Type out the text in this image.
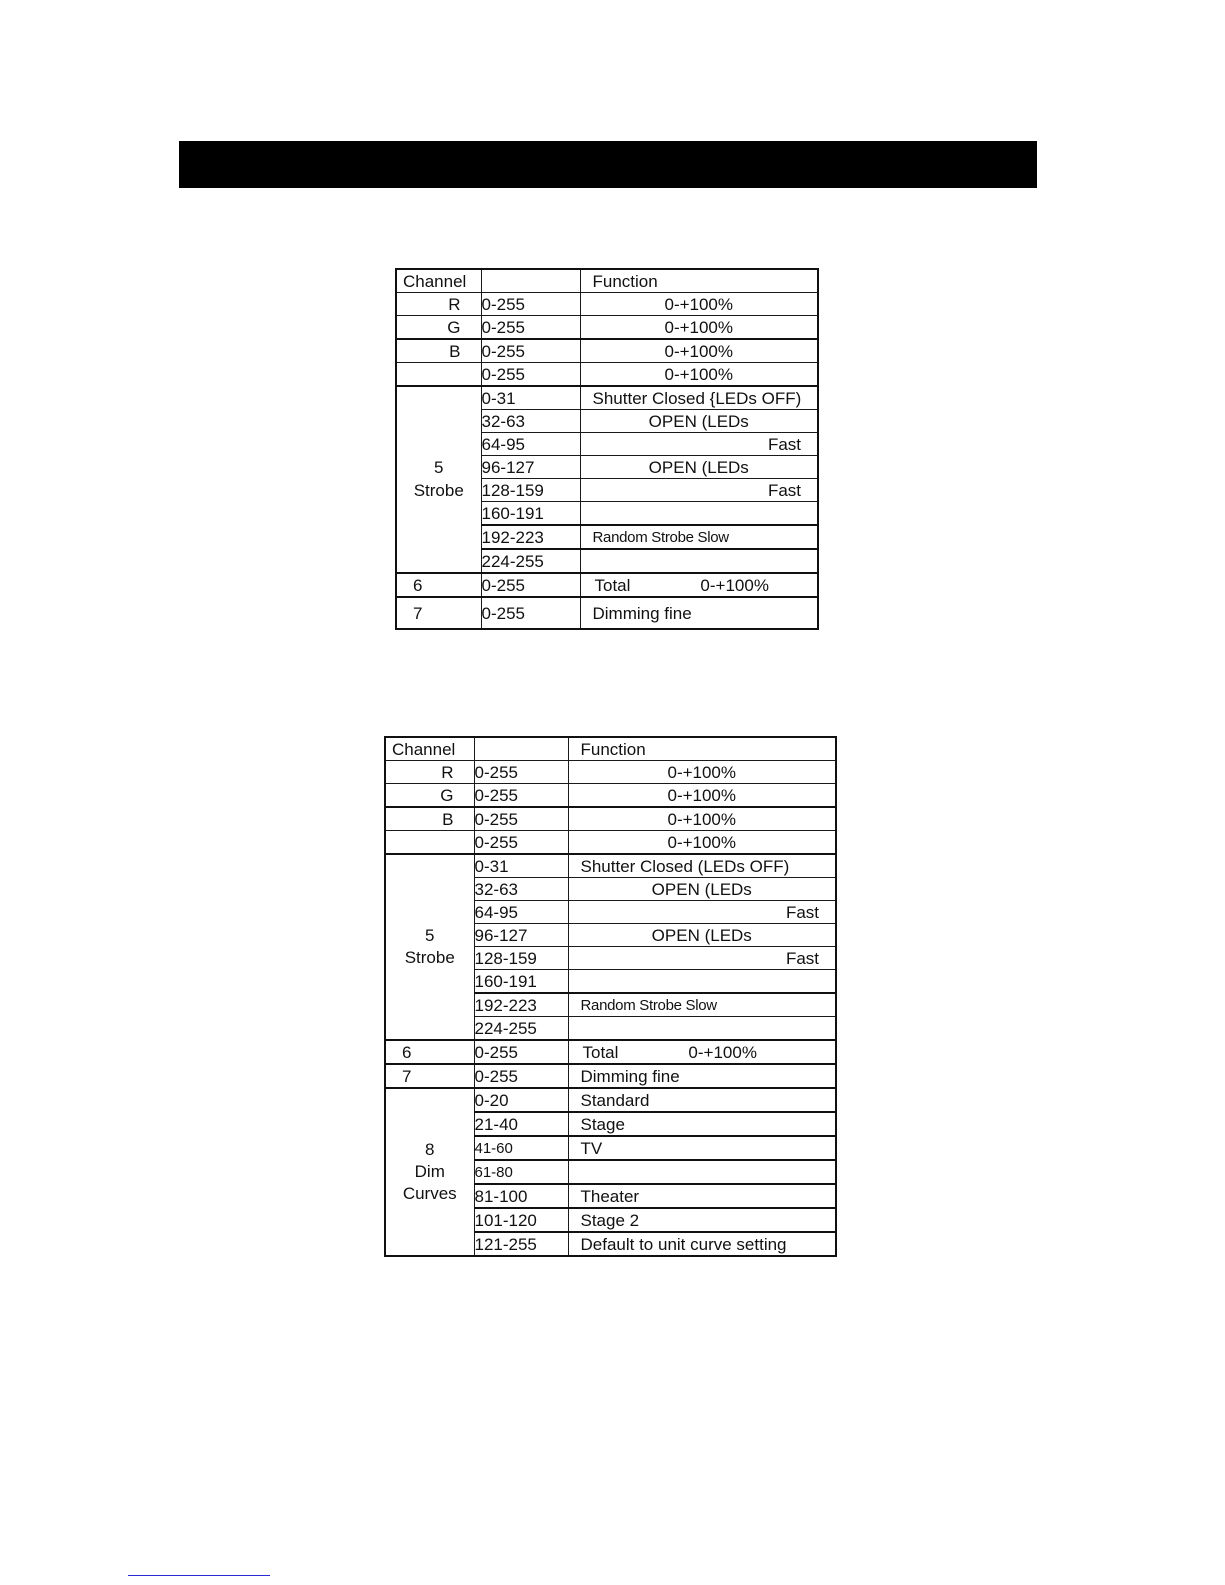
Channel		Function
R	0-255	0-+100%
G	0-255	0-+100%
B	0-255	0-+100%
	0-255	0-+100%

5
Strobe	0-31	Shutter Closed {LEDs OFF)
	32-63	OPEN (LEDs
	64-95	Fast
	96-127	OPEN (LEDs
	128-159	Fast
	160-191	
	192-223	Random Strobe Slow
	224-255	
6	0-255	Total 0-+100%
7	0-255	Dimming fine
Channel		Function
R	0-255	0-+100%
G	0-255	0-+100%
B	0-255	0-+100%
	0-255	0-+100%

5
Strobe	0-31	Shutter Closed (LEDs OFF)
	32-63	OPEN (LEDs
	64-95	Fast
	96-127	OPEN (LEDs
	128-159	Fast
	160-191	
	192-223	Random Strobe Slow
	224-255	
6	0-255	Total 0-+100%
7	0-255	Dimming fine

8
Dim
Curves	0-20	Standard
	21-40	Stage
	41-60	TV
	61-80	
	81-100	Theater
	101-120	Stage 2
	121-255	Default to unit curve setting
